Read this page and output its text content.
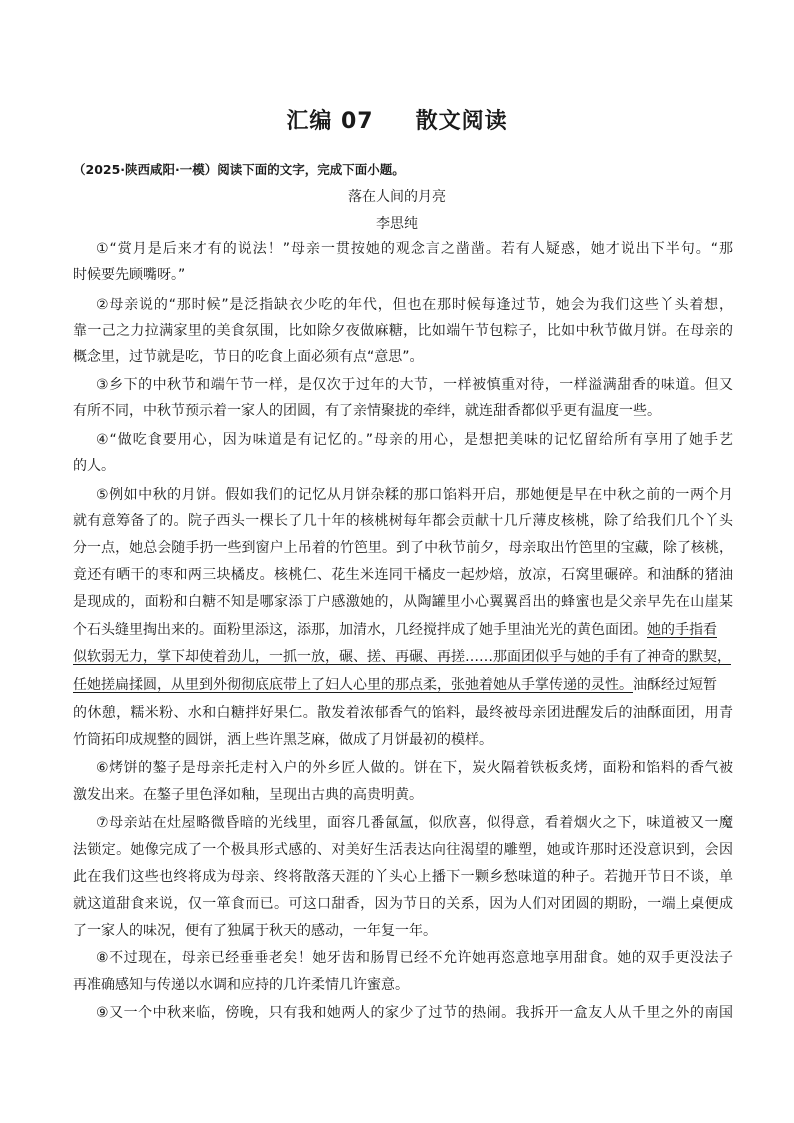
汇编 07 散文阅读
（2025·陕西咸阳·一模）阅读下面的文字，完成下面小题。
落在人间的月亮
李思纯
①“赏月是后来才有的说法！”母亲一贯按她的观念言之凿凿。若有人疑惑，她才说出下半句。“那
时候要先顾嘴呀。”
②母亲说的“那时候”是泛指缺衣少吃的年代，但也在那时候每逢过节，她会为我们这些丫头着想，
靠一己之力拉满家里的美食氛围，比如除夕夜做麻糖，比如端午节包粽子，比如中秋节做月饼。在母亲的
概念里，过节就是吃，节日的吃食上面必须有点“意思”。
③乡下的中秋节和端午节一样，是仅次于过年的大节，一样被慎重对待，一样溢满甜香的味道。但又
有所不同，中秋节预示着一家人的团圆，有了亲情聚拢的牵绊，就连甜香都似乎更有温度一些。
④“做吃食要用心，因为味道是有记忆的。”母亲的用心，是想把美味的记忆留给所有享用了她手艺
的人。
⑤例如中秋的月饼。假如我们的记忆从月饼杂糅的那口馅料开启，那她便是早在中秋之前的一两个月
就有意筹备了的。院子西头一棵长了几十年的核桃树每年都会贡献十几斤薄皮核桃，除了给我们几个丫头
分一点，她总会随手扔一些到窗户上吊着的竹笆里。到了中秋节前夕，母亲取出竹笆里的宝藏，除了核桃，
竟还有晒干的枣和两三块橘皮。核桃仁、花生米连同干橘皮一起炒焙，放凉，石窝里碾碎。和油酥的猪油
是现成的，面粉和白糖不知是哪家添丁户感激她的，从陶罐里小心翼翼舀出的蜂蜜也是父亲早先在山崖某
个石头缝里掏出来的。面粉里添这，添那，加清水，几经搅拌成了她手里油光光的黄色面团。她的手指看
似软弱无力，掌下却使着劲儿，一抓一放，碾、搓、再碾、再搓……那面团似乎与她的手有了神奇的默契，
任她搓扁揉圆，从里到外彻彻底底带上了妇人心里的那点柔，张弛着她从手掌传递的灵性。油酥经过短暂
的休憩，糯米粉、水和白糖拌好果仁。散发着浓郁香气的馅料，最终被母亲团进醒发后的油酥面团，用青
竹筒拓印成规整的圆饼，洒上些许黑芝麻，做成了月饼最初的模样。
⑥烤饼的鏊子是母亲托走村入户的外乡匠人做的。饼在下，炭火隔着铁板炙烤，面粉和馅料的香气被
激发出来。在鏊子里色泽如釉，呈现出古典的高贵明黄。
⑦母亲站在灶屋略微昏暗的光线里，面容几番氤氲，似欣喜，似得意，看着烟火之下，味道被又一魔
法锁定。她像完成了一个极具形式感的、对美好生活表达向往渴望的雕塑，她或许那时还没意识到，会因
此在我们这些也终将成为母亲、终将散落天涯的丫头心上播下一颗乡愁味道的种子。若抛开节日不谈，单
就这道甜食来说，仅一箪食而已。可这口甜香，因为节日的关系，因为人们对团圆的期盼，一端上桌便成
了一家人的味况，便有了独属于秋天的感动，一年复一年。
⑧不过现在，母亲已经垂垂老矣！她牙齿和肠胃已经不允许她再恣意地享用甜食。她的双手更没法子
再准确感知与传递以水调和应持的几许柔情几许蜜意。
⑨又一个中秋来临，傍晚，只有我和她两人的家少了过节的热闹。我拆开一盒友人从千里之外的南国
